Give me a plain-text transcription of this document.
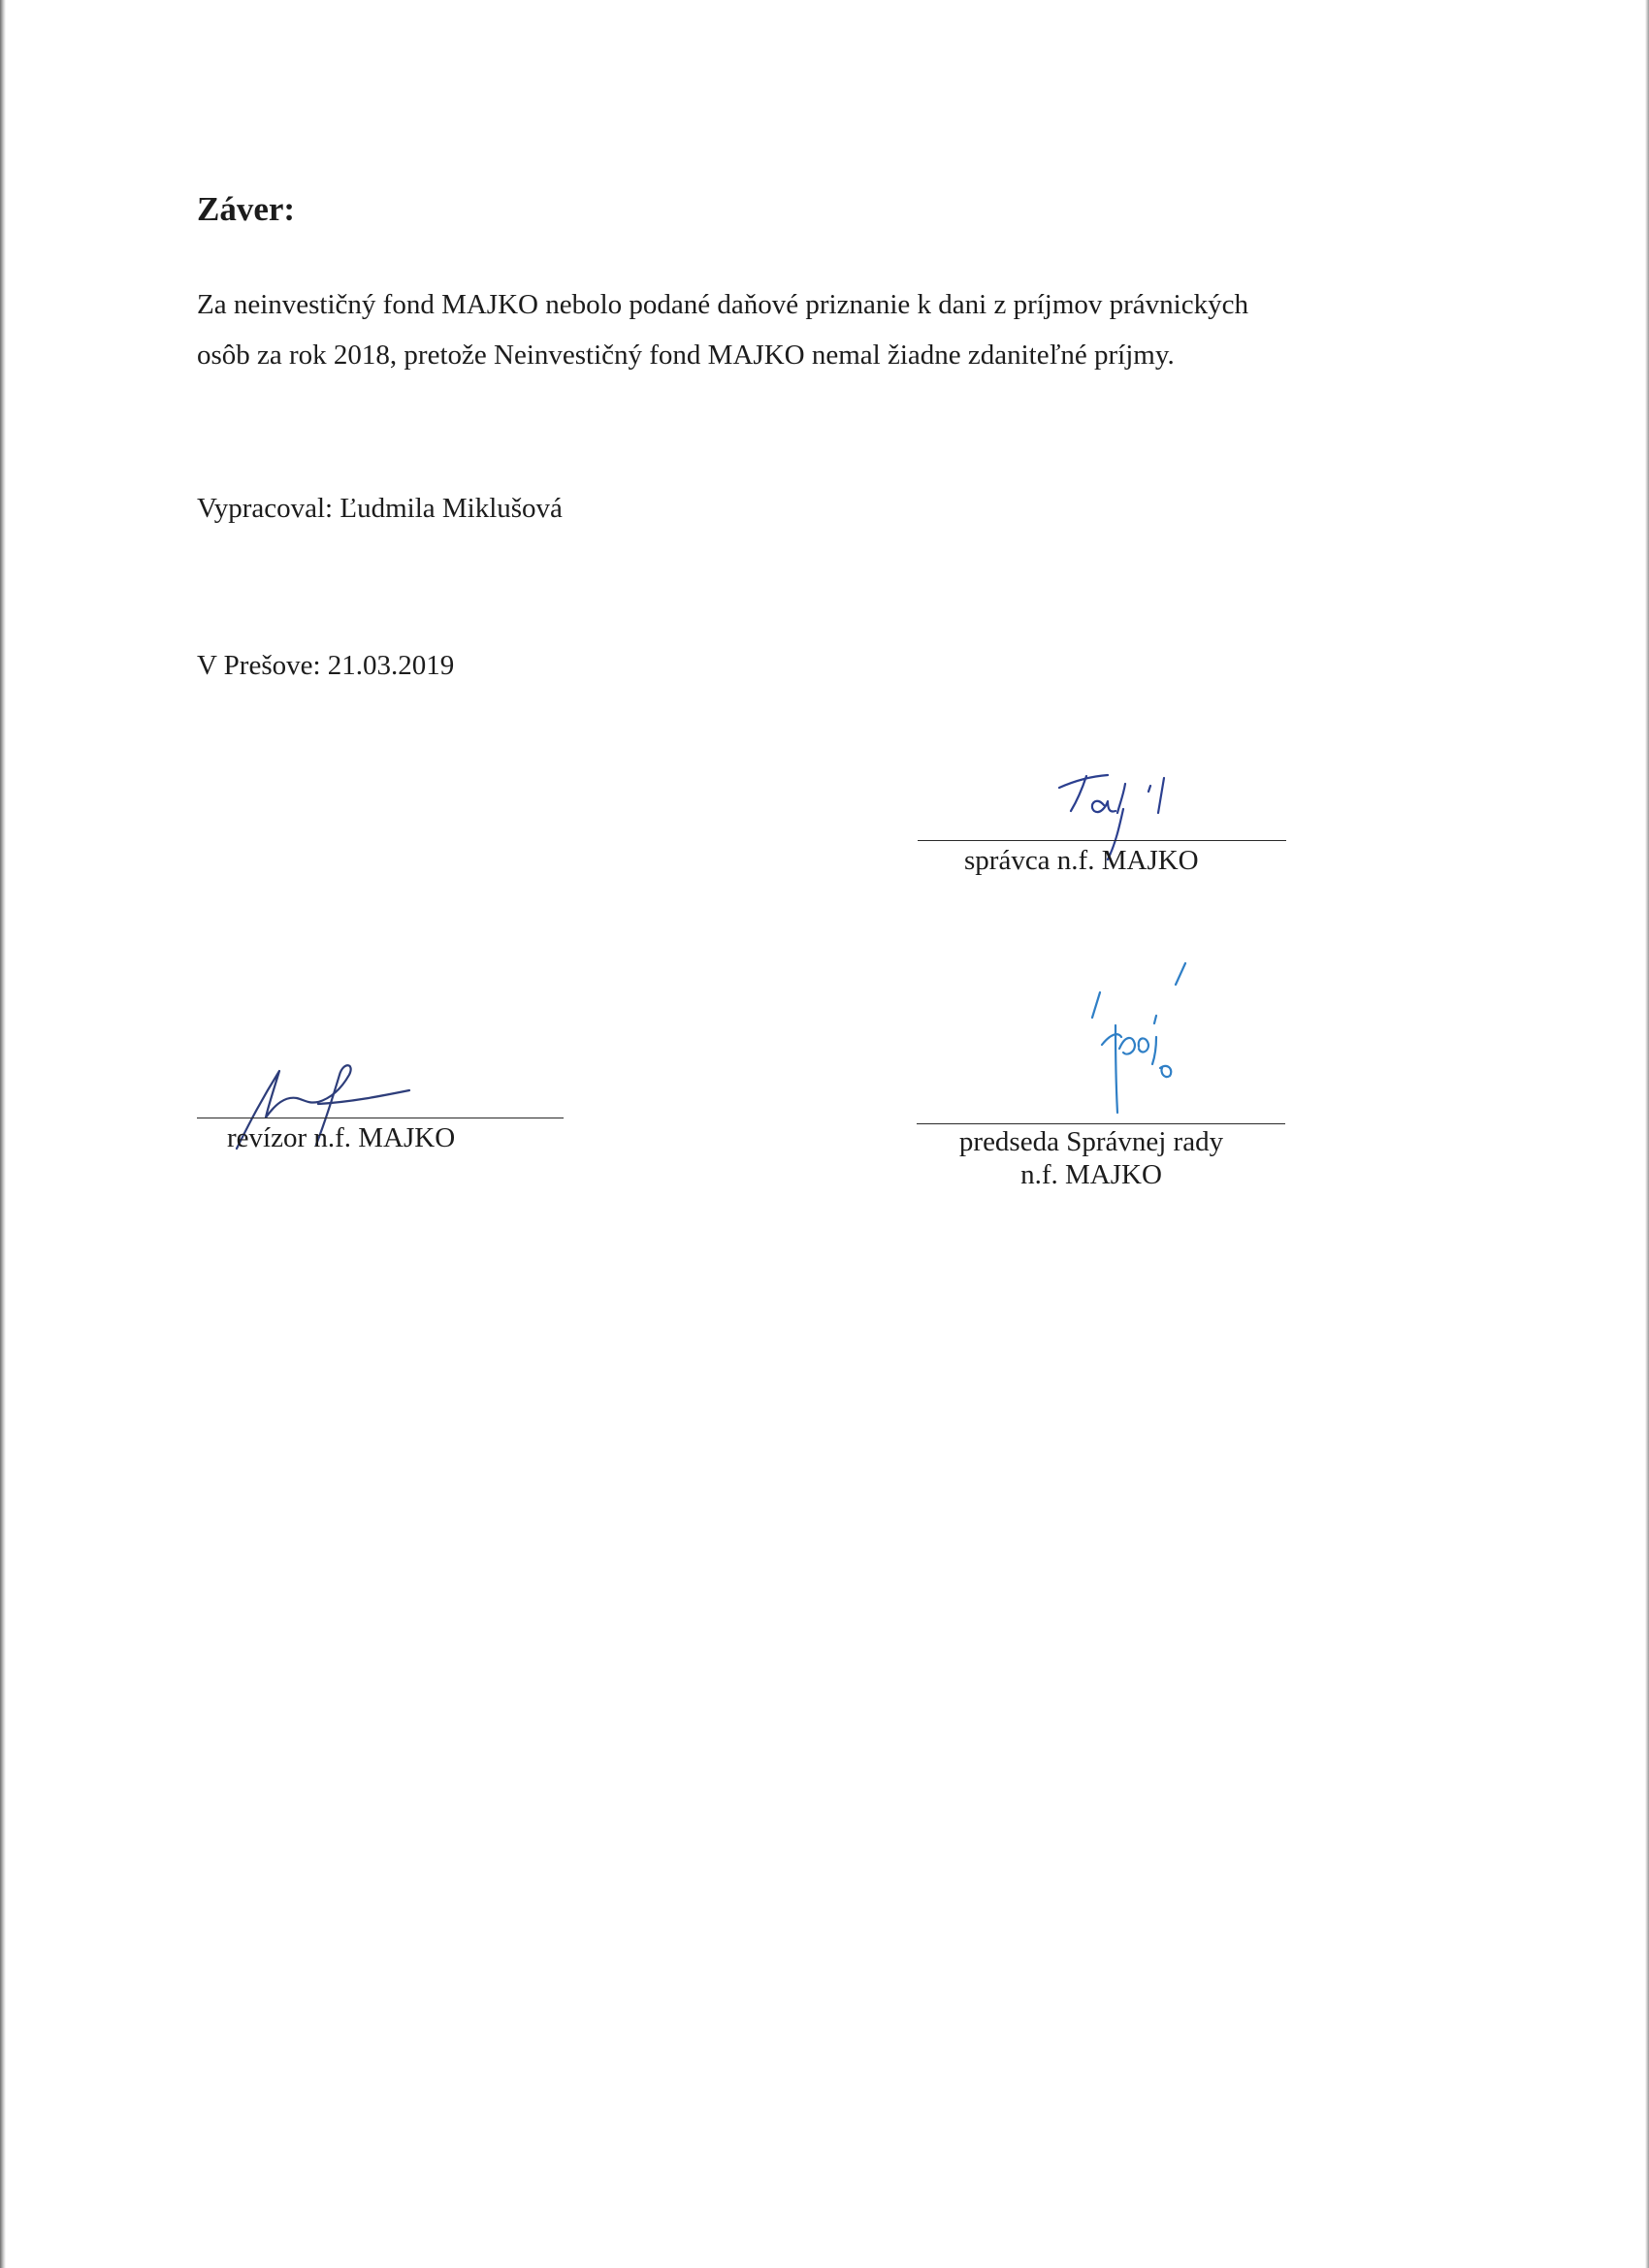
Záver:
Za neinvestičný fond MAJKO nebolo podané daňové priznanie k dani z príjmov právnických
osôb za rok 2018, pretože Neinvestičný fond MAJKO nemal žiadne zdaniteľné príjmy.

Vypracoval: Ľudmila Miklušová

V Prešove: 21.03.2019

správca n.f. MAJKO
revízor n.f. MAJKO	predseda Správnej rady
n.f. MAJKO
